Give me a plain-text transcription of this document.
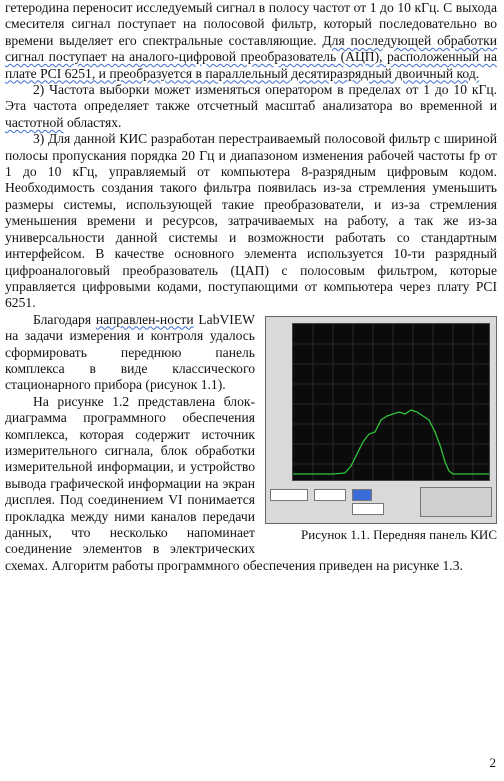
гетеродина переносит исследуемый сигнал в полосу частот от 1 до 10 кГц. С выхода смесителя сигнал поступает на полосовой фильтр, который последовательно во времени выделяет его спектральные составляющие. Для последующей обработки сигнал поступает на аналого-цифровой преобразователь (АЦП), расположенный на плате PCI 6251, и преобразуется в параллельный десятиразрядный двоичный код.

2) Частота выборки может изменяться оператором в пределах от 1 до 10 кГц. Эта частота определяет также отсчетный масштаб анализатора во временной и частотной областях.

3) Для данной КИС разработан перестраиваемый полосовой фильтр с шириной полосы пропускания порядка 20 Гц и диапазоном изменения рабочей частоты fp от 1 до 10 кГц, управляемый от компьютера 8-разрядным цифровым кодом. Необходимость создания такого фильтра появилась из-за стремления уменьшить размеры системы, использующей такие преобразователи, и из-за стремления уменьшения времени и ресурсов, затрачиваемых на работу, а так же из-за универсальности данной системы и возможности работать со стандартным интерфейсом. В качестве основного элемента используется 10-ти разрядный цифроаналоговый преобразователь (ЦАП) с полосовым фильтром, которые управляется цифровыми кодами, поступающими от компьютера через плату PCI 6251.

Рисунок 1.1. Передняя панель КИС

Благодаря направлен-ности LabVIEW на задачи измерения и контроля удалось сформировать переднюю панель комплекса в виде классического стационарного прибора (рисунок 1.1).

На рисунке 1.2 представлена блок-диаграмма программного обеспечения комплекса, которая содержит источник измерительного сигнала, блок обработки измерительной информации, и устройство вывода графической информации на экран дисплея. Под соединением VI понимается прокладка между ними каналов передачи данных, что несколько напоминает соединение элементов в электрических схемах. Алгоритм работы программного обеспечения приведен на рисунке 1.3.

2
